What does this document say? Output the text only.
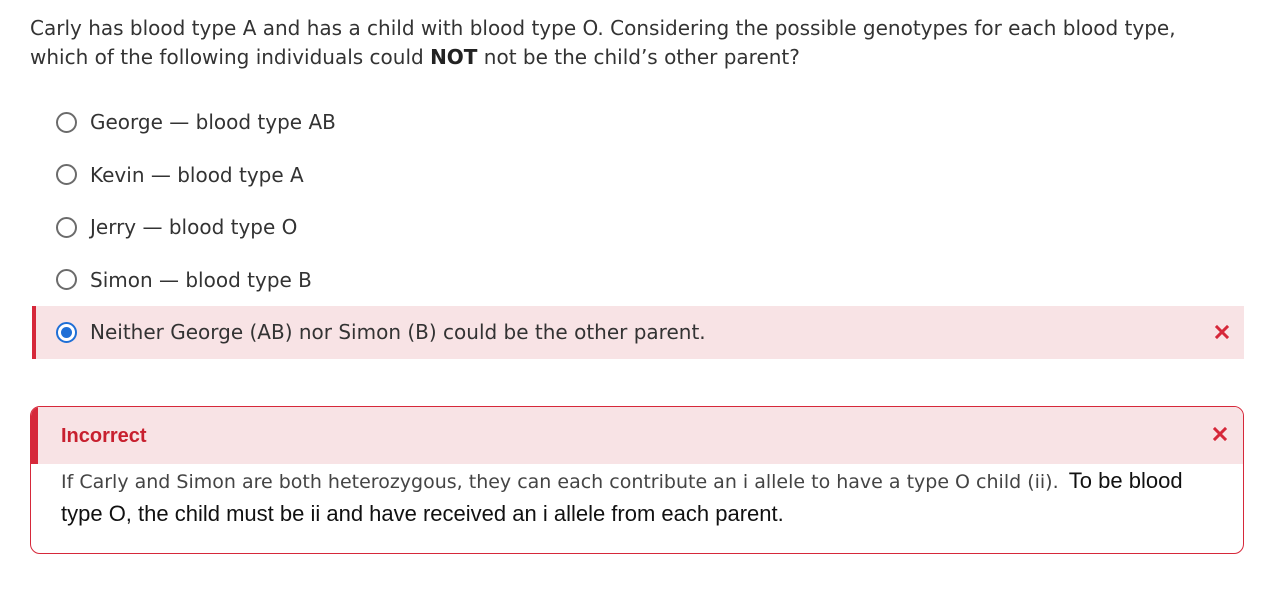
Carly has blood type A and has a child with blood type O. Considering the possible genotypes for each blood type, which of the following individuals could NOT not be the child’s other parent?
George — blood type AB
Kevin — blood type A
Jerry — blood type O
Simon — blood type B
Neither George (AB) nor Simon (B) could be the other parent.
Incorrect
If Carly and Simon are both heterozygous, they can each contribute an i allele to have a type O child (ii). To be blood type O, the child must be ii and have received an i allele from each parent.
